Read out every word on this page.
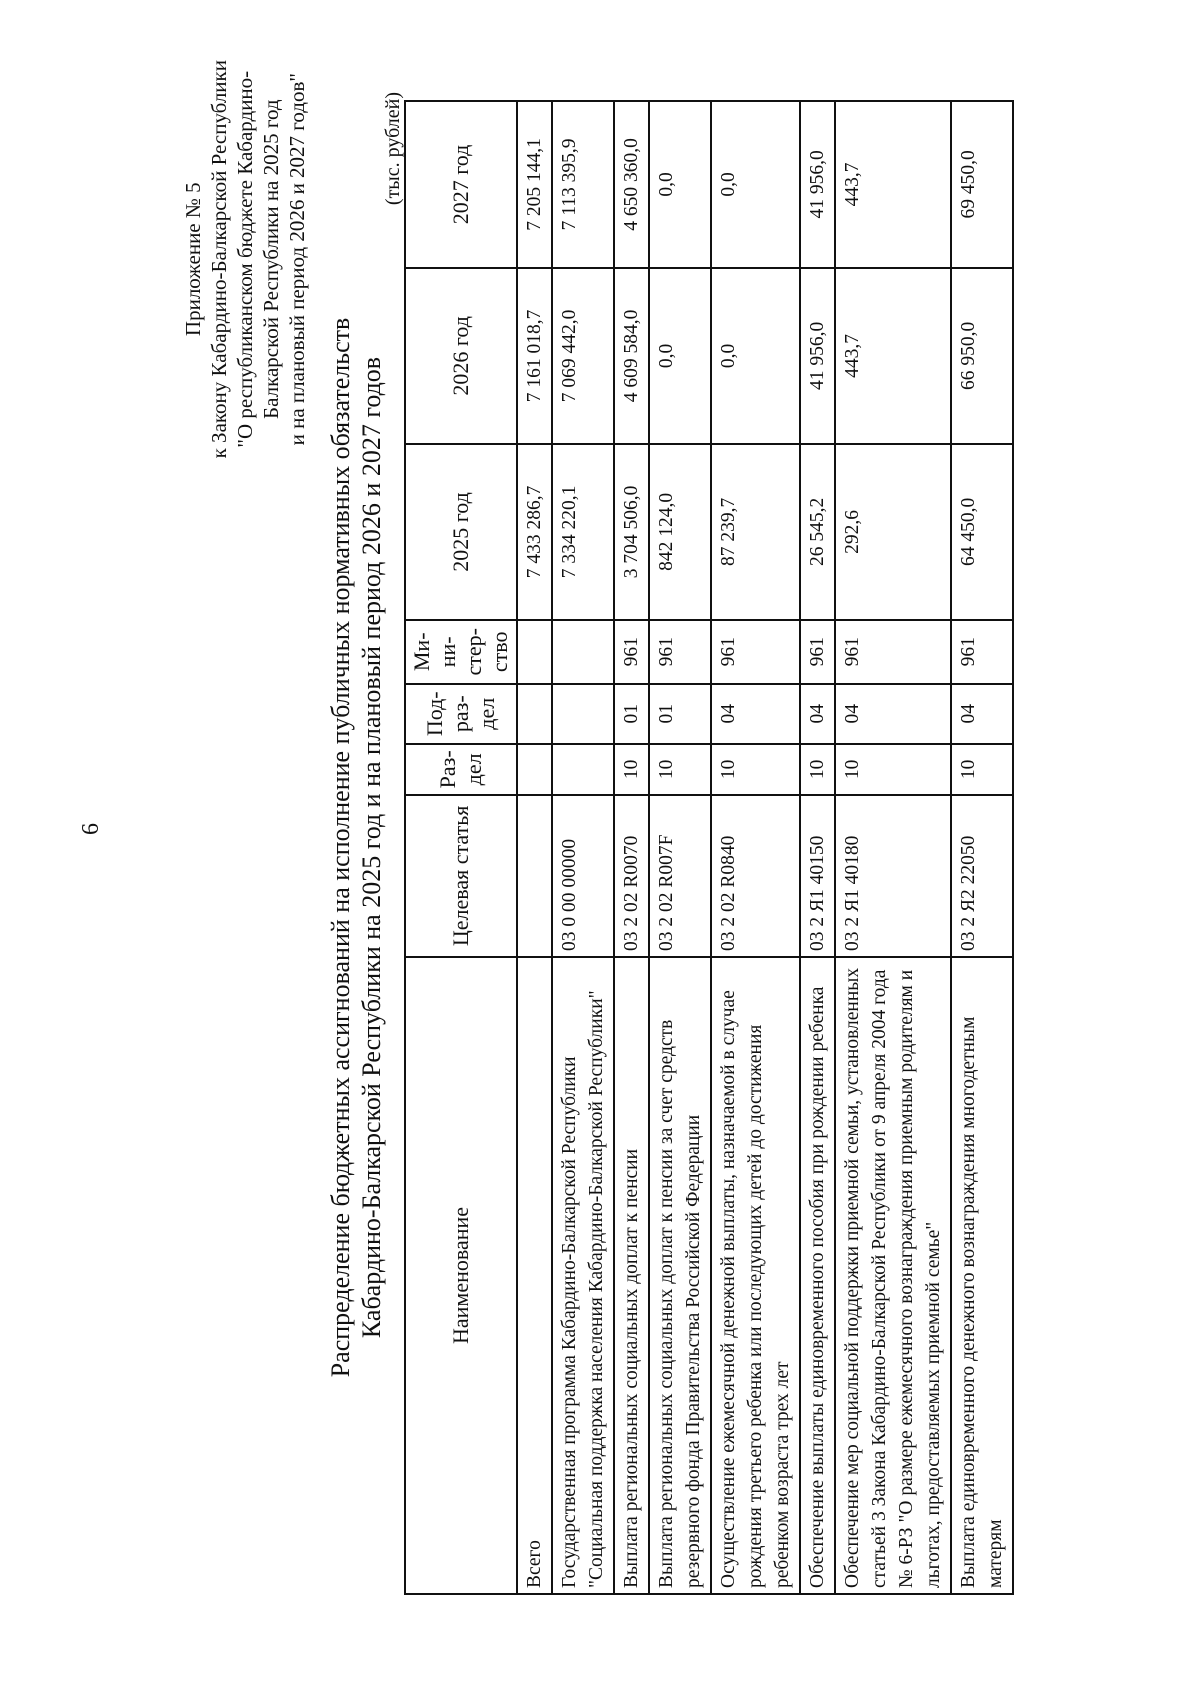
6
Приложение № 5 к Закону Кабардино-Балкарской Республики "О республиканском бюджете Кабардино- Балкарской Республики на 2025 год и на плановый период 2026 и 2027 годов"
Распределение бюджетных ассигнований на исполнение публичных нормативных обязательств Кабардино-Балкарской Республики на 2025 год и на плановый период 2026 и 2027 годов
(тыс. рублей)
Наименование	Целевая статья	Раз-дел	Под-раз-дел	Ми-ни-стер-ство	2025 год	2026 год	2027 год
Всего					7 433 286,7	7 161 018,7	7 205 144,1
Государственная программа Кабардино-Балкарской Республики "Социальная поддержка населения Кабардино-Балкарской Республики"	03 0 00 00000				7 334 220,1	7 069 442,0	7 113 395,9
Выплата региональных социальных доплат к пенсии	03 2 02 R0070	10	01	961	3 704 506,0	4 609 584,0	4 650 360,0
Выплата региональных социальных доплат к пенсии за счет средств резервного фонда Правительства Российской Федерации	03 2 02 R007F	10	01	961	842 124,0	0,0	0,0
Осуществление ежемесячной денежной выплаты, назначаемой в случае рождения третьего ребенка или последующих детей до достижения ребенком возраста трех лет	03 2 02 R0840	10	04	961	87 239,7	0,0	0,0
Обеспечение выплаты единовременного пособия при рождении ребенка	03 2 Я1 40150	10	04	961	26 545,2	41 956,0	41 956,0
Обеспечение мер социальной поддержки приемной семьи, установленных статьей 3 Закона Кабардино-Балкарской Республики от 9 апреля 2004 года № 6-РЗ "О размере ежемесячного вознаграждения приемным родителям и льготах, предоставляемых приемной семье"	03 2 Я1 40180	10	04	961	292,6	443,7	443,7
Выплата единовременного денежного вознаграждения многодетным матерям	03 2 Я2 22050	10	04	961	64 450,0	66 950,0	69 450,0
